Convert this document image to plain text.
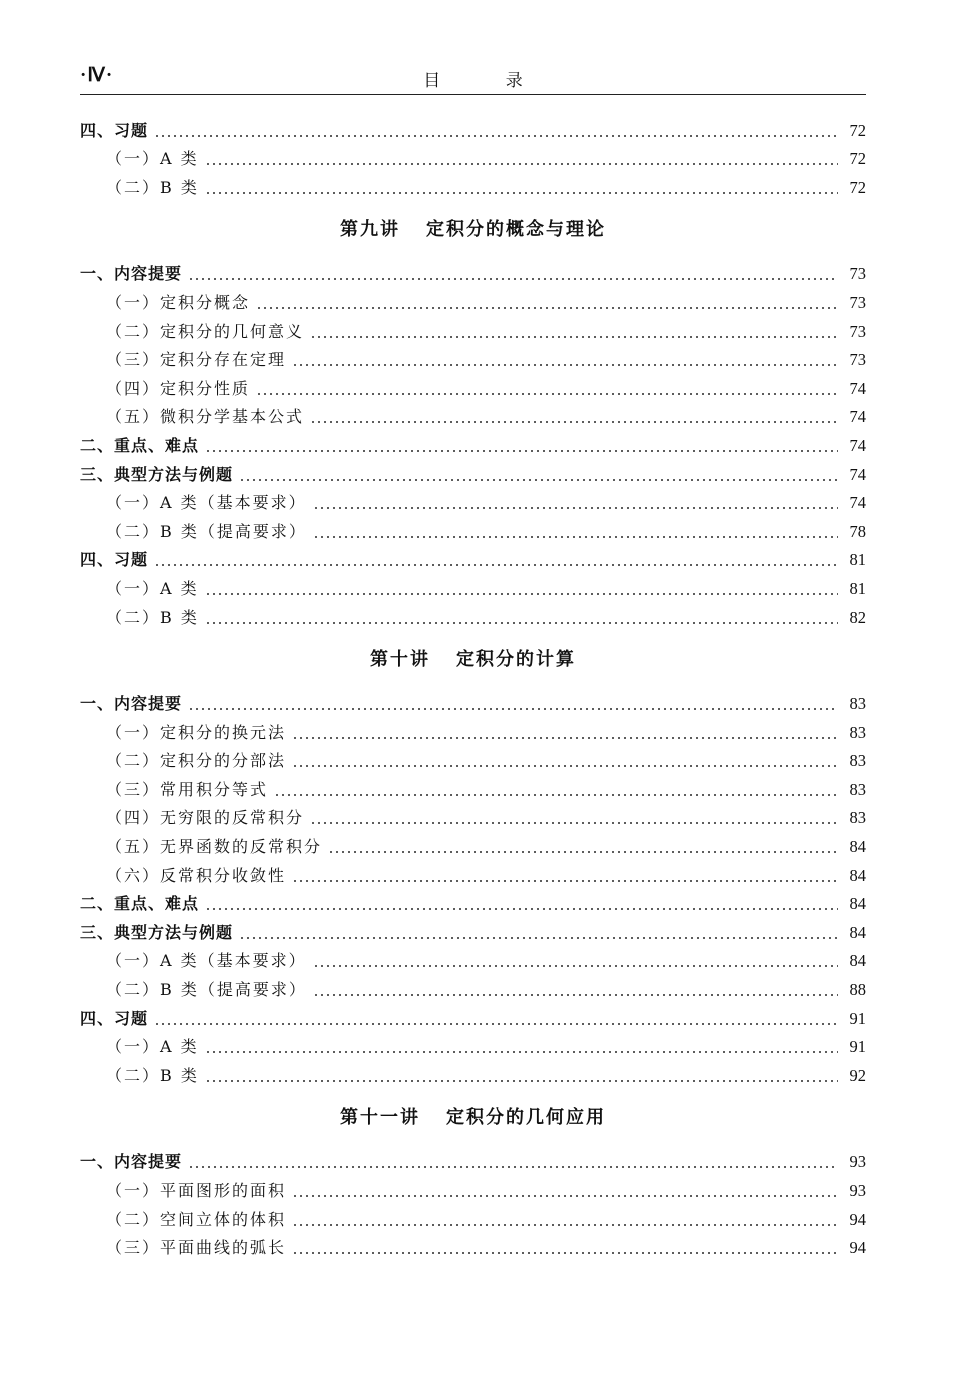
·Ⅳ·	目 录
四、习题	72
（一）A 类	72
（二）B 类	72
第九讲 定积分的概念与理论
一、内容提要	73
（一）定积分概念	73
（二）定积分的几何意义	73
（三）定积分存在定理	73
（四）定积分性质	74
（五）微积分学基本公式	74
二、重点、难点	74
三、典型方法与例题	74
（一）A 类（基本要求）	74
（二）B 类（提高要求）	78
四、习题	81
（一）A 类	81
（二）B 类	82
第十讲 定积分的计算
一、内容提要	83
（一）定积分的换元法	83
（二）定积分的分部法	83
（三）常用积分等式	83
（四）无穷限的反常积分	83
（五）无界函数的反常积分	84
（六）反常积分收敛性	84
二、重点、难点	84
三、典型方法与例题	84
（一）A 类（基本要求）	84
（二）B 类（提高要求）	88
四、习题	91
（一）A 类	91
（二）B 类	92
第十一讲 定积分的几何应用
一、内容提要	93
（一）平面图形的面积	93
（二）空间立体的体积	94
（三）平面曲线的弧长	94
